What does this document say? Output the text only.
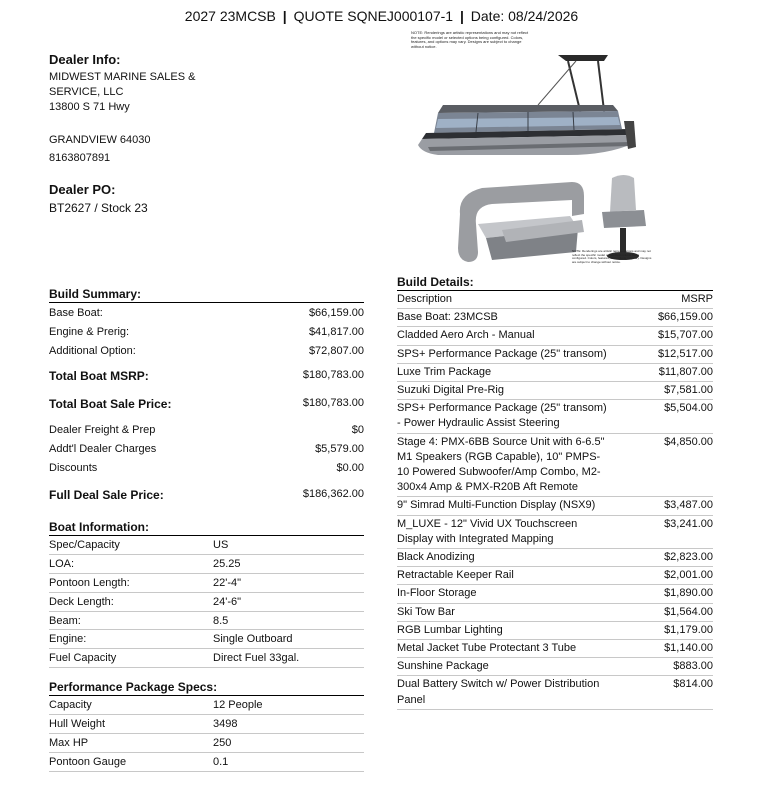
2027 23MCSB | QUOTE SQNEJ000107-1 | Date: 08/24/2026
Dealer Info:
MIDWEST MARINE SALES &
SERVICE, LLC
13800 S 71 Hwy
GRANDVIEW 64030
8163807891
Dealer PO:
BT2627 / Stock 23
NOTE: Renderings are artistic representations and may not reflect the specific model or selected options being configured. Colors, features, and options may vary. Designs are subject to change without notice.
NOTE: Renderings are artistic representations and may not reflect the specific model or selected options being configured. Colors, features, and options may vary. Designs are subject to change without notice.
Build Summary:
Base Boat:	$66,159.00
Engine & Prerig:	$41,817.00
Additional Option:	$72,807.00
Total Boat MSRP:	$180,783.00
Total Boat Sale Price:	$180,783.00
Dealer Freight & Prep	$0
Addt'l Dealer Charges	$5,579.00
Discounts	$0.00
Full Deal Sale Price:	$186,362.00
Boat Information:
Spec/Capacity	US
LOA:	25.25
Pontoon Length:	22'-4"
Deck Length:	24'-6"
Beam:	8.5
Engine:	Single Outboard
Fuel Capacity	Direct Fuel 33gal.
Performance Package Specs:
Capacity	12 People
Hull Weight	3498
Max HP	250
Pontoon Gauge	0.1
Build Details:
Description	MSRP
Base Boat: 23MCSB	$66,159.00
Cladded Aero Arch - Manual	$15,707.00
SPS+ Performance Package (25" transom)	$12,517.00
Luxe Trim Package	$11,807.00
Suzuki Digital Pre-Rig	$7,581.00
SPS+ Performance Package (25" transom) - Power Hydraulic Assist Steering	$5,504.00
Stage 4: PMX-6BB Source Unit with 6-6.5" M1 Speakers (RGB Capable), 10" PMPS-10 Powered Subwoofer/Amp Combo, M2-300x4 Amp & PMX-R20B Aft Remote	$4,850.00
9" Simrad Multi-Function Display (NSX9)	$3,487.00
M_LUXE - 12" Vivid UX Touchscreen Display with Integrated Mapping	$3,241.00
Black Anodizing	$2,823.00
Retractable Keeper Rail	$2,001.00
In-Floor Storage	$1,890.00
Ski Tow Bar	$1,564.00
RGB Lumbar Lighting	$1,179.00
Metal Jacket Tube Protectant 3 Tube	$1,140.00
Sunshine Package	$883.00
Dual Battery Switch w/ Power Distribution Panel	$814.00
